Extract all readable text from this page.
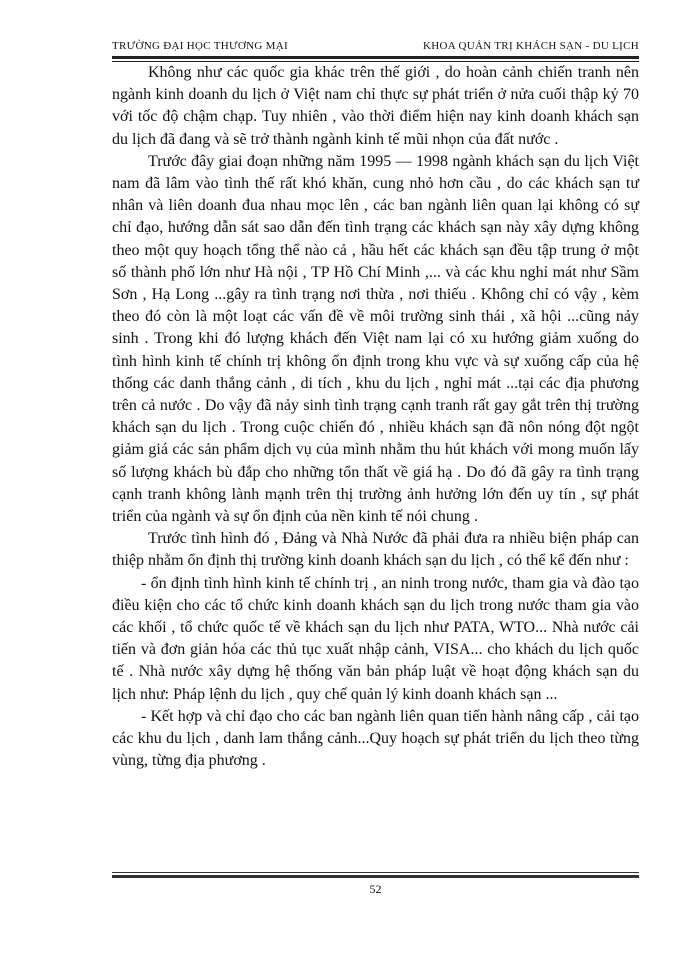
TRƯỜNG ĐẠI HỌC THƯƠNG MẠI	KHOA QUẢN TRỊ KHÁCH SẠN - DU LỊCH

Không như các quốc gia khác trên thế giới , do hoàn cảnh chiến tranh nên ngành kinh doanh du lịch ở Việt nam chỉ thực sự phát triển ở nửa cuối thập kỷ 70 với tốc độ chậm chạp. Tuy nhiên , vào thời điểm hiện nay kinh doanh khách sạn du lịch đã đang và sẽ trở thành ngành kinh tế mũi nhọn của đất nước .

Trước đây giai đoạn những năm 1995 — 1998 ngành khách sạn du lịch Việt nam đã lâm vào tình thế rất khó khăn, cung nhỏ hơn cầu , do các khách sạn tư nhân và liên doanh đua nhau mọc lên , các ban ngành liên quan lại không có sự chỉ đạo, hướng dẫn sát sao dẫn đến tình trạng các khách sạn này xây dựng không theo một quy hoạch tổng thể nào cả , hầu hết các khách sạn đều tập trung ở một số thành phố lớn như Hà nội , TP Hồ Chí Minh ,... và các khu nghỉ mát như Sầm Sơn , Hạ Long ...gây ra tình trạng nơi thừa , nơi thiếu . Không chỉ có vậy , kèm theo đó còn là một loạt các vấn đề về môi trường sinh thái , xã hội ...cũng nảy sinh . Trong khi đó lượng khách đến Việt nam lại có xu hướng giảm xuống do tình hình kinh tế chính trị không ổn định trong khu vực và sự xuống cấp của hệ thống các danh thắng cảnh , di tích , khu du lịch , nghỉ mát ...tại các địa phương trên cả nước . Do vậy đã nảy sinh tình trạng cạnh tranh rất gay gắt trên thị trường khách sạn du lịch . Trong cuộc chiến đó , nhiều khách sạn đã nôn nóng đột ngột giảm giá các sản phẩm dịch vụ của mình nhằm thu hút khách với mong muốn lấy số lượng khách bù đắp cho những tổn thất về giá hạ . Do đó đã gây ra tình trạng cạnh tranh không lành mạnh trên thị trường ảnh hưởng lớn đến uy tín , sự phát triển của ngành và sự ổn định của nền kinh tế nói chung .

Trước tình hình đó , Đảng và Nhà Nước đã phải đưa ra nhiều biện pháp can thiệp nhằm ổn định thị trường kinh doanh khách sạn du lịch , có thể kể đến như :

- ổn định tình hình kinh tế chính trị , an ninh trong nước, tham gia và đào tạo điều kiện cho các tổ chức kinh doanh khách sạn du lịch trong nước tham gia vào các khối , tổ chức quốc tế về khách sạn du lịch như PATA, WTO... Nhà nước cải tiến và đơn giản hóa các thủ tục xuất nhập cảnh, VISA... cho khách du lịch quốc tế . Nhà nước xây dựng hệ thống văn bản pháp luật về hoạt động khách sạn du lịch như: Pháp lệnh du lịch , quy chế quản lý kinh doanh khách sạn ...

- Kết hợp và chỉ đạo cho các ban ngành liên quan tiến hành nâng cấp , cải tạo các khu du lịch , danh lam thắng cảnh...Quy hoạch sự phát triển du lịch theo từng vùng, từng địa phương .

52
